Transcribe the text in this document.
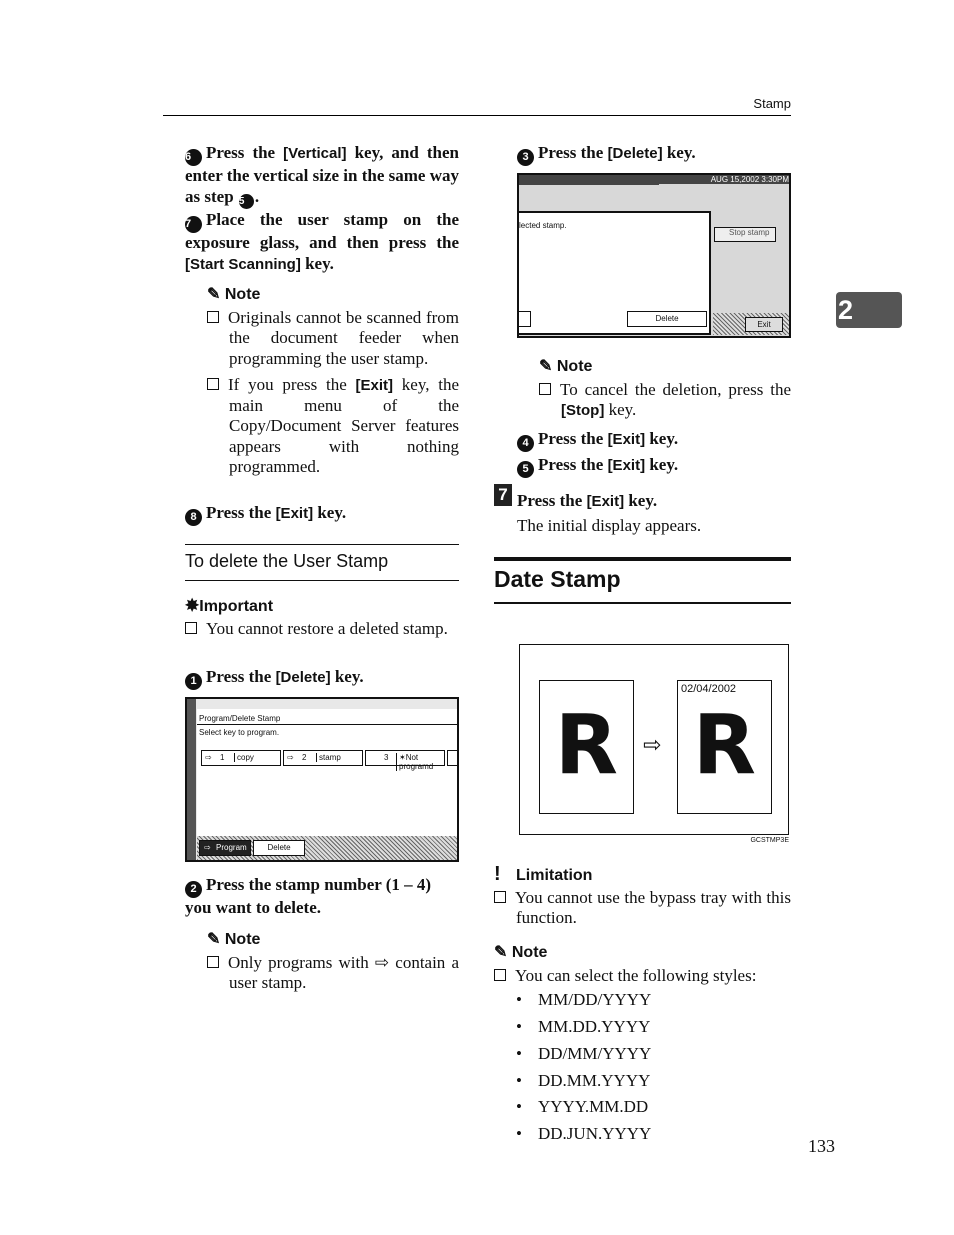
Stamp
2
6 Press the [Vertical] key, and then enter the vertical size in the same way as step 5 .
7 Place the user stamp on the exposure glass, and then press the [Start Scanning] key.
✎ Note
Originals cannot be scanned from the document feeder when programming the user stamp.
If you press the [Exit] key, the main menu of the Copy/Document Server features appears with nothing programmed.
8 Press the [Exit] key.
To delete the User Stamp
✸Important
You cannot restore a deleted stamp.
1 Press the [Delete] key.
Program/Delete Stamp
Select key to program.
⇨ 1	copy	⇨ 2	stamp	3	✶Not programd
⇨ Program	Delete
2 Press the stamp number (1 – 4) you want to delete.
✎ Note
Only programs with ⇨ contain a user stamp.
3 Press the [Delete] key.
AUG 15,2002 3:30PM
lected stamp.
Delete
Stop stamp
Exit
✎ Note
To cancel the deletion, press the [Stop] key.
4 Press the [Exit] key.
5 Press the [Exit] key.
7 Press the [Exit] key.
The initial display appears.
Date Stamp
R	⇨
02/04/2002
R
GCSTMP3E
! Limitation
You cannot use the bypass tray with this function.
✎ Note
You can select the following styles:
• MM/DD/YYYY
• MM.DD.YYYY
• DD/MM/YYYY
• DD.MM.YYYY
• YYYY.MM.DD
• DD.JUN.YYYY
133
